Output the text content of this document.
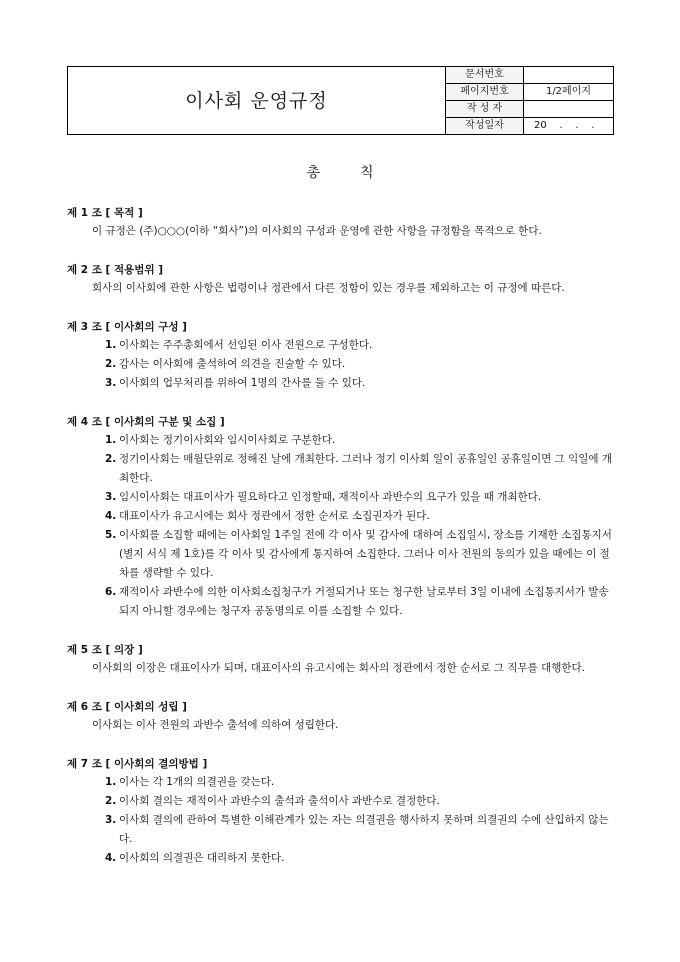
이사회 운영규정	문서번호	
	페이지번호	1/2페이지
	작 성 자	
	작성일자	20    .    .    .
총칙

제 1 조 [ 목적 ]

이 규정은 (주)○○○(이하 “회사”)의 이사회의 구성과 운영에 관한 사항을 규정함을 목적으로 한다.

제 2 조 [ 적용범위 ]

회사의 이사회에 관한 사항은 법령이나 정관에서 다른 정함이 있는 경우를 제외하고는 이 규정에 따른다.

제 3 조 [ 이사회의 구성 ]

1. 이사회는 주주총회에서 선임된 이사 전원으로 구성한다.
2. 감사는 이사회에 출석하여 의견을 진술할 수 있다.
3. 이사회의 업무처리를 위하여 1명의 간사를 둘 수 있다.

제 4 조 [ 이사회의 구분 및 소집 ]

1. 이사회는 정기이사회와 임시이사회로 구분한다.
2. 정기이사회는 매월단위로 정해진 날에 개최한다. 그러나 정기 이사회 일이 공휴일인 공휴일이면 그 익일에 개최한다.
3. 임시이사회는 대표이사가 필요하다고 인정할때, 재적이사 과반수의 요구가 있을 때 개최한다.
4. 대표이사가 유고시에는 회사 정관에서 정한 순서로 소집권자가 된다.
5. 이사회를 소집할 때에는 이사회일 1주일 전에 각 이사 및 감사에 대하여 소집일시, 장소를 기재한 소집통지서(별지 서식 제 1호)를 각 이사 및 감사에게 통지하여 소집한다. 그러나 이사 전원의 동의가 있을 때에는 이 절차를 생략할 수 있다.
6. 재적이사 과반수에 의한 이사회소집청구가 거절되거나 또는 청구한 날로부터 3일 이내에 소집통지서가 발송되지 아니할 경우에는 청구자 공동명의로 이를 소집할 수 있다.

제 5 조 [ 의장 ]

이사회의 이장은 대표이사가 되며, 대표이사의 유고시에는 회사의 정관에서 정한 순서로 그 직무를 대행한다.

제 6 조 [ 이사회의 성립 ]

이사회는 이사 전원의 과반수 출석에 의하여 성립한다.

제 7 조 [ 이사회의 결의방법 ]

1. 이사는 각 1개의 의결권을 갖는다.
2. 이사회 결의는 재적이사 과반수의 출석과 출석이사 과반수로 결정한다.
3. 이사회 결의에 관하여 특별한 이해관계가 있는 자는 의결권을 행사하지 못하며 의결권의 수에 산입하지 않는다.
4. 이사회의 의결권은 대리하지 못한다.
